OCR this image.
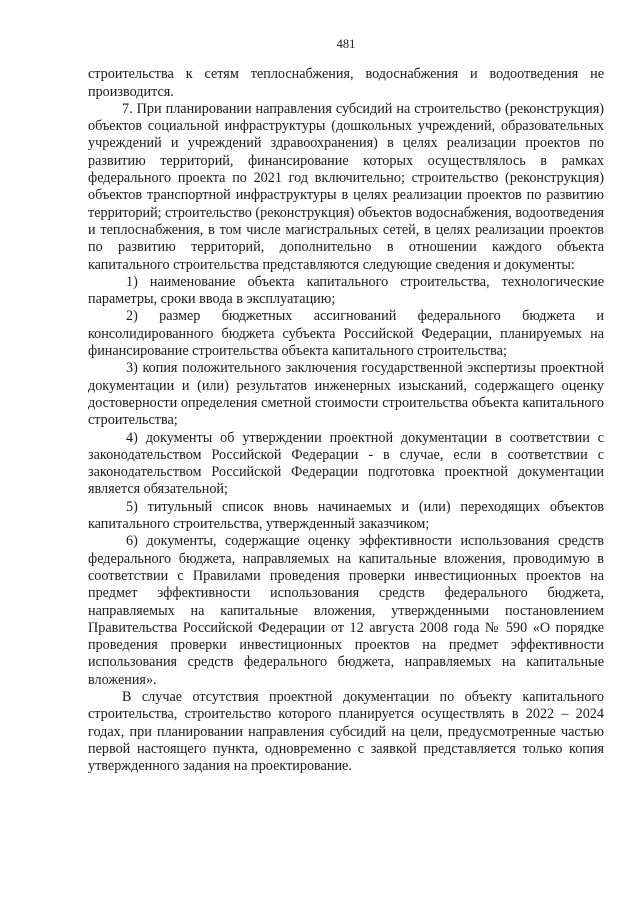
481

строительства к сетям теплоснабжения, водоснабжения и водоотведения не производится.

7. При планировании направления субсидий на строительство (реконструкция) объектов социальной инфраструктуры (дошкольных учреждений, образовательных учреждений и учреждений здравоохранения) в целях реализации проектов по развитию территорий, финансирование которых осуществлялось в рамках федерального проекта по 2021 год включительно; строительство (реконструкция) объектов транспортной инфраструктуры в целях реализации проектов по развитию территорий; строительство (реконструкция) объектов водоснабжения, водоотведения и теплоснабжения, в том числе магистральных сетей, в целях реализации проектов по развитию территорий, дополнительно в отношении каждого объекта капитального строительства представляются следующие сведения и документы:

1) наименование объекта капитального строительства, технологические параметры, сроки ввода в эксплуатацию;

2) размер бюджетных ассигнований федерального бюджета и консолидированного бюджета субъекта Российской Федерации, планируемых на финансирование строительства объекта капитального строительства;

3) копия положительного заключения государственной экспертизы проектной документации и (или) результатов инженерных изысканий, содержащего оценку достоверности определения сметной стоимости строительства объекта капитального строительства;

4) документы об утверждении проектной документации в соответствии с законодательством Российской Федерации - в случае, если в соответствии с законодательством Российской Федерации подготовка проектной документации является обязательной;

5) титульный список вновь начинаемых и (или) переходящих объектов капитального строительства, утвержденный заказчиком;

6) документы, содержащие оценку эффективности использования средств федерального бюджета, направляемых на капитальные вложения, проводимую в соответствии с Правилами проведения проверки инвестиционных проектов на предмет эффективности использования средств федерального бюджета, направляемых на капитальные вложения, утвержденными постановлением Правительства Российской Федерации от 12 августа 2008 года № 590 «О порядке проведения проверки инвестиционных проектов на предмет эффективности использования средств федерального бюджета, направляемых на капитальные вложения».

В случае отсутствия проектной документации по объекту капитального строительства, строительство которого планируется осуществлять в 2022 – 2024 годах, при планировании направления субсидий на цели, предусмотренные частью первой настоящего пункта, одновременно с заявкой представляется только копия утвержденного задания на проектирование.
